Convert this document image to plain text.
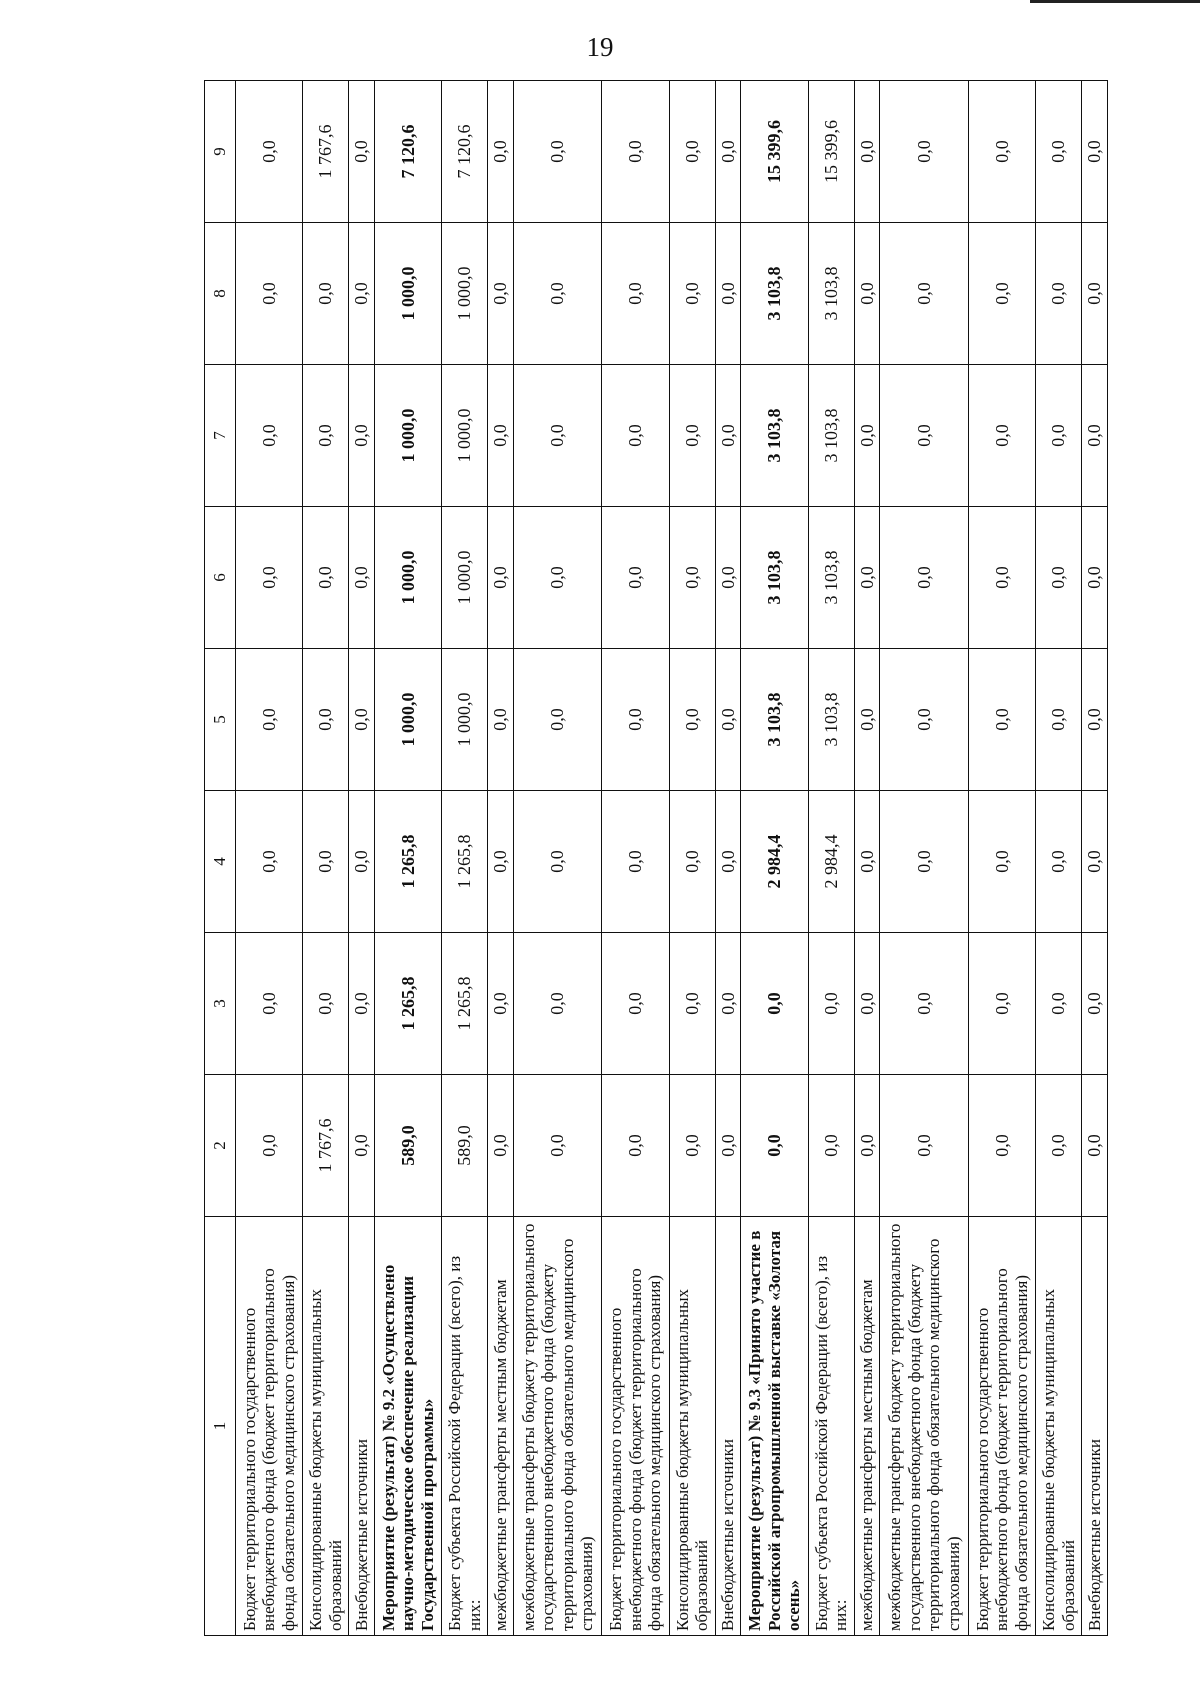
19
1	2	3	4	5	6	7	8	9
Бюджет территориального государственного внебюджетного фонда (бюджет территориального фонда обязательного медицинского страхования)	0,0	0,0	0,0	0,0	0,0	0,0	0,0	0,0
Консолидированные бюджеты муниципальных образований	1 767,6	0,0	0,0	0,0	0,0	0,0	0,0	1 767,6
Внебюджетные источники	0,0	0,0	0,0	0,0	0,0	0,0	0,0	0,0
Мероприятие (результат) № 9.2 «Осуществлено научно-методическое обеспечение реализации Государственной программы»	589,0	1 265,8	1 265,8	1 000,0	1 000,0	1 000,0	1 000,0	7 120,6
Бюджет субъекта Российской Федерации (всего), из них:	589,0	1 265,8	1 265,8	1 000,0	1 000,0	1 000,0	1 000,0	7 120,6
межбюджетные трансферты местным бюджетам	0,0	0,0	0,0	0,0	0,0	0,0	0,0	0,0
межбюджетные трансферты бюджету территориального государственного внебюджетного фонда (бюджету территориального фонда обязательного медицинского страхования)	0,0	0,0	0,0	0,0	0,0	0,0	0,0	0,0
Бюджет территориального государственного внебюджетного фонда (бюджет территориального фонда обязательного медицинского страхования)	0,0	0,0	0,0	0,0	0,0	0,0	0,0	0,0
Консолидированные бюджеты муниципальных образований	0,0	0,0	0,0	0,0	0,0	0,0	0,0	0,0
Внебюджетные источники	0,0	0,0	0,0	0,0	0,0	0,0	0,0	0,0
Мероприятие (результат) № 9.3 «Принято участие в Российской агропромышленной выставке «Золотая осень»	0,0	0,0	2 984,4	3 103,8	3 103,8	3 103,8	3 103,8	15 399,6
Бюджет субъекта Российской Федерации (всего), из них:	0,0	0,0	2 984,4	3 103,8	3 103,8	3 103,8	3 103,8	15 399,6
межбюджетные трансферты местным бюджетам	0,0	0,0	0,0	0,0	0,0	0,0	0,0	0,0
межбюджетные трансферты бюджету территориального государственного внебюджетного фонда (бюджету территориального фонда обязательного медицинского страхования)	0,0	0,0	0,0	0,0	0,0	0,0	0,0	0,0
Бюджет территориального государственного внебюджетного фонда (бюджет территориального фонда обязательного медицинского страхования)	0,0	0,0	0,0	0,0	0,0	0,0	0,0	0,0
Консолидированные бюджеты муниципальных образований	0,0	0,0	0,0	0,0	0,0	0,0	0,0	0,0
Внебюджетные источники	0,0	0,0	0,0	0,0	0,0	0,0	0,0	0,0
